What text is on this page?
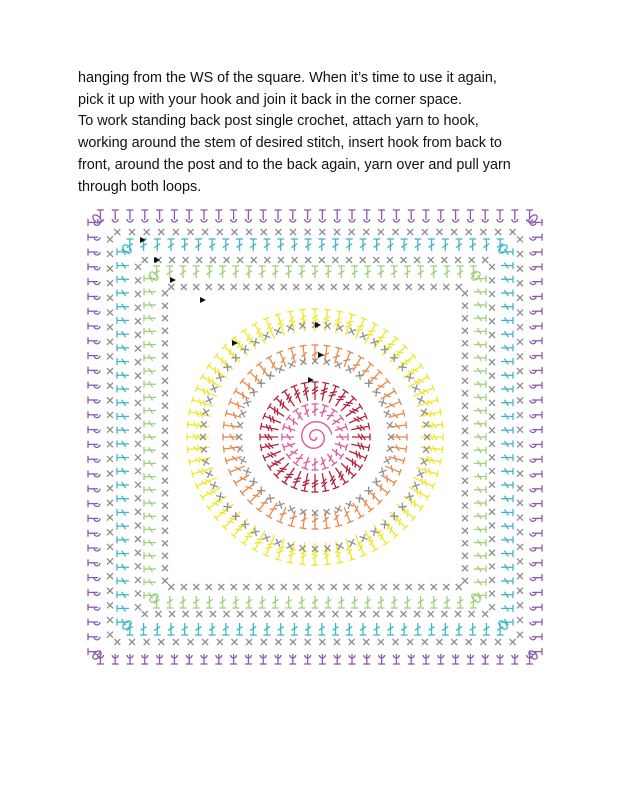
hanging from the WS of the square. When it’s time to use it again,
pick it up with your hook and join it back in the corner space.
To work standing back post single crochet, attach yarn to hook,
working around the stem of desired stitch, insert hook from back to
front, around the post and to the back again, yarn over and pull yarn
through both loops.
